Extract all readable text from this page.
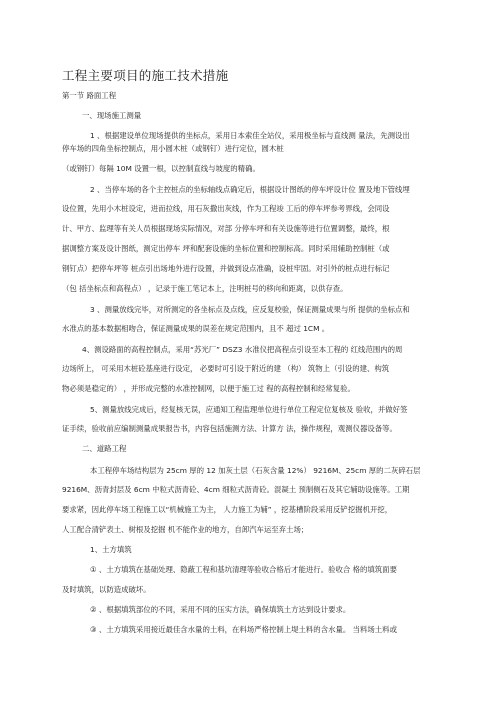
工程主要项目的施工技术措施
第一节 路面工程
一、现场施工测量
1 、根据建设单位现场提供的坐标点，采用日本索佳全站仪，采用极坐标与直线测 量法，先测设出
停车场的四角坐标控制点，用小圆木桩（或钢钉）进行定位，圆木桩
（或钢钉）每隔 10M 设置一根，以控制直线与坡度的精确。
2 、当停车场的各个主控桩点的坐标轴线点确定后，根据设计图纸的停车坪设计位 置及地下管线埋
设位置，先用小木桩设定，进而拉线，用石灰撒出灰线，作为工程竣 工后的停车坪参考界线，会同设
计、甲方、监理等有关人员根据现场实际情况，对部 分停车坪和有关设施等进行位置调整，最终，根
据调整方案及设计图纸，测定出停车 坪和配套设施的坐标位置和控制标高。同时采用辅助控制桩（或
钢钉点）把停车坪等 桩点引出场地外进行设置，并做到设点准确，设桩牢固。对引外的桩点进行标记
（包 括坐标点和高程点） ，记录于施工笔记本上，注明桩号的移向和距离，以供存查。
3 、测量放线完毕，对所测定的各坐标点及点线，应反复校验，保证测量成果与所 提供的坐标点和
水准点的基本数据相吻合，保证测量成果的误差在规定范围内，且不 超过 1CM 。
4、测设路面的高程控制点，采用“苏光厂” DSZ3 水准仪把高程点引设至本工程的 红线范围内的周
边场所上， 可采用木桩砼基座进行设定， 必要时可引设于附近的建 （构） 筑物上（引设的建、构筑
物必须是稳定的） ，并形成完整的水准控制网，以便于施工过 程的高程控制和经常复验。
5、测量放线完成后，经复核无误，应通知工程监理单位进行单位工程定位复核及 验收，并做好签
证手续，验收前应编制测量成果报告书，内容包括施测方法、计算方 法，操作规程，观测仪器设备等。
二、道路工程
本工程停车场结构层为 25cm 厚的 12 加灰土层（石灰含量 12%） 9216M、25cm 厚的二灰碎石层
9216M、沥青封层及 6cm 中粒式沥青砼、4cm 细粒式沥青砼。混凝土 预制侧石及其它辅助设施等。工期
要求紧，因此停车场工程施工以“机械施工为主， 人力施工为辅” ，挖基槽阶段采用反铲挖掘机开挖，
人工配合清铲表土、树根及挖掘 机不能作业的地方，自卸汽车运至弃土场；
1、土方填筑
① 、土方填筑在基础处理、隐蔽工程和基坑清理等验收合格后才能进行。验收合 格的填筑面要
及时填筑，以防造成破坏。
② 、根据填筑部位的不同，采用不同的压实方法，确保填筑土方达到设计要求。
③ 、土方填筑采用接近最佳含水量的土料，在料场严格控制上堤土料的含水量。 当料场土料或
